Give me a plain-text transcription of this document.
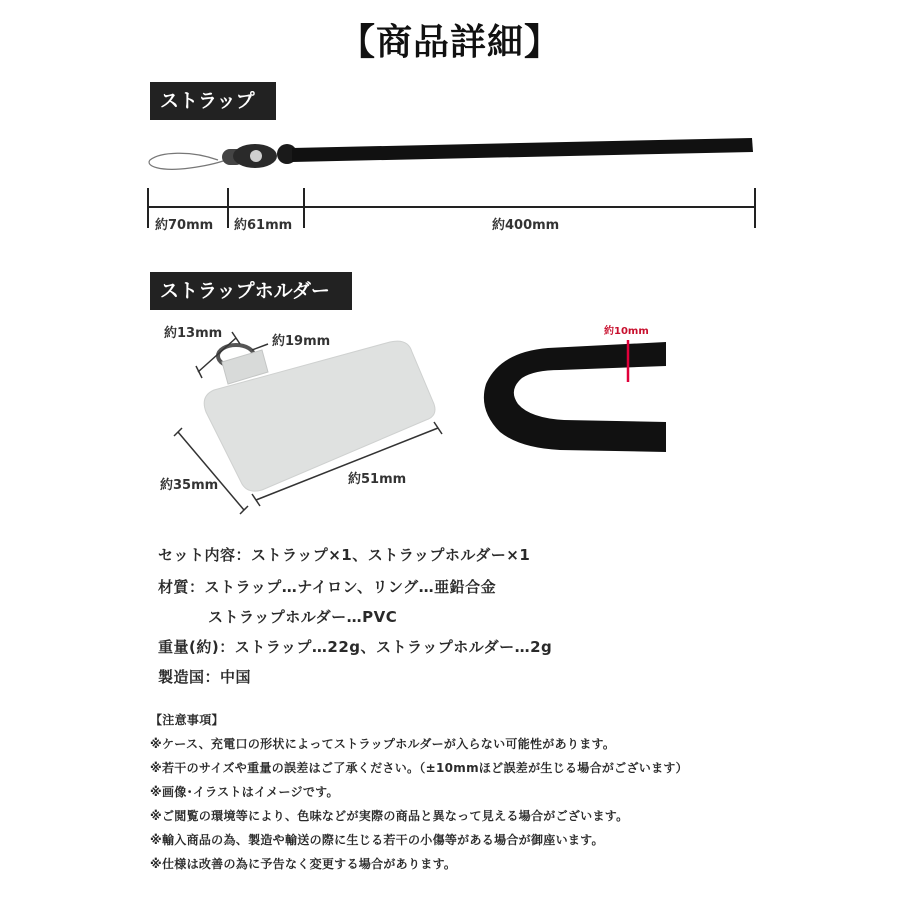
【商品詳細】
ストラップ
ストラップホルダー
約70mm 約61mm	約400mm
約13mm
約19mm
約35mm	約51mm
約10mm
セット内容：ストラップ×1、ストラップホルダー×1
材質：ストラップ…ナイロン、リング…亜鉛合金
ストラップホルダー…PVC
重量(約)：ストラップ…22g、ストラップホルダー…2g
製造国：中国
【注意事項】
※ケース、充電口の形状によってストラップホルダーが入らない可能性があります。
※若干のサイズや重量の誤差はご了承ください。（±10mmほど誤差が生じる場合がございます）
※画像･イラストはイメージです。
※ご閲覧の環境等により、色味などが実際の商品と異なって見える場合がございます。
※輸入商品の為、製造や輸送の際に生じる若干の小傷等がある場合が御座います。
※仕様は改善の為に予告なく変更する場合があります。
